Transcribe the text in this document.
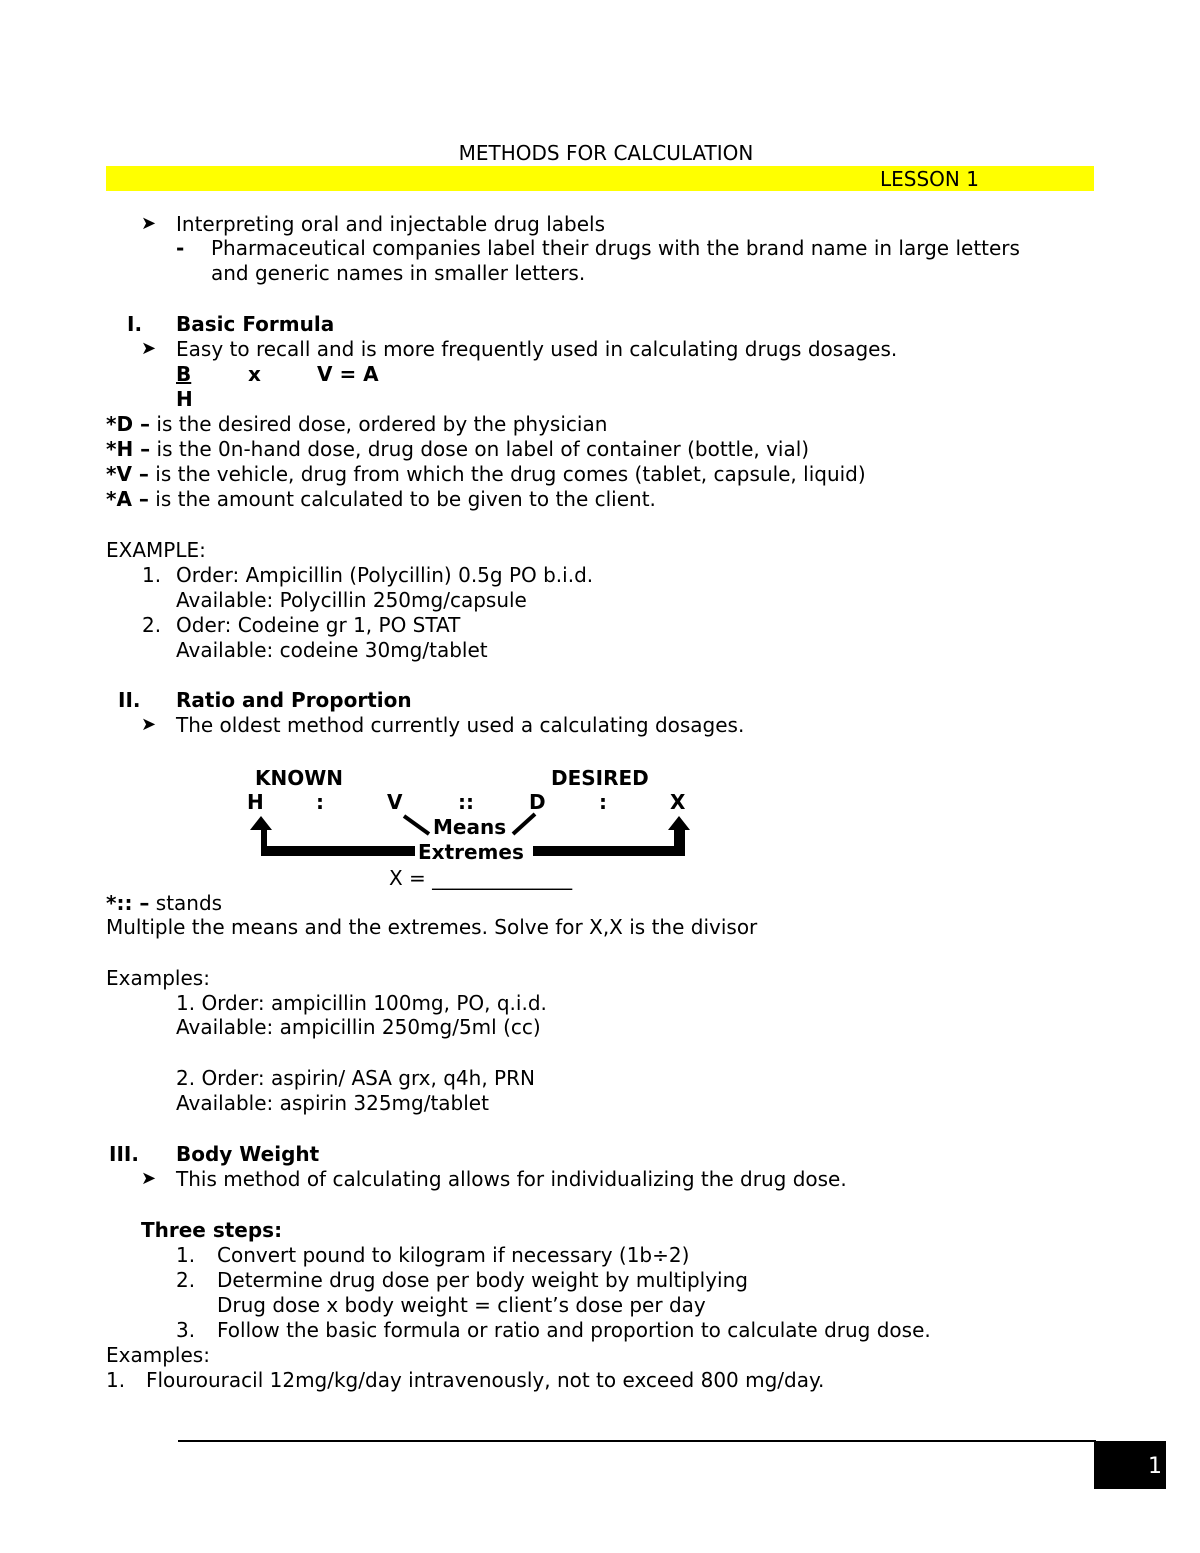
METHODS FOR CALCULATION
LESSON 1
➤ Interpreting oral and injectable drug labels
- Pharmaceutical companies label their drugs with the brand name in large letters
and generic names in smaller letters.
I. Basic Formula
➤ Easy to recall and is more frequently used in calculating drugs dosages.
B	x	V = A
H
*D – is the desired dose, ordered by the physician
*H – is the 0n-hand dose, drug dose on label of container (bottle, vial)
*V – is the vehicle, drug from which the drug comes (tablet, capsule, liquid)
*A – is the amount calculated to be given to the client.
EXAMPLE:
1. Order: Ampicillin (Polycillin) 0.5g PO b.i.d.
Available: Polycillin 250mg/capsule
2. Oder: Codeine gr 1, PO STAT
Available: codeine 30mg/tablet
II. Ratio and Proportion
➤ The oldest method currently used a calculating dosages.
KNOWN	DESIRED
H	:	V	::	D	:	X
Means
Extremes
X = ______________
*:: – stands
Multiple the means and the extremes. Solve for X,X is the divisor
Examples:
1. Order: ampicillin 100mg, PO, q.i.d.
Available: ampicillin 250mg/5ml (cc)
2. Order: aspirin/ ASA grx, q4h, PRN
Available: aspirin 325mg/tablet
III. Body Weight
➤ This method of calculating allows for individualizing the drug dose.
Three steps:
1. Convert pound to kilogram if necessary (1b÷2)
2. Determine drug dose per body weight by multiplying
Drug dose x body weight = client’s dose per day
3. Follow the basic formula or ratio and proportion to calculate drug dose.
Examples:
1. Flourouracil 12mg/kg/day intravenously, not to exceed 800 mg/day.
1
